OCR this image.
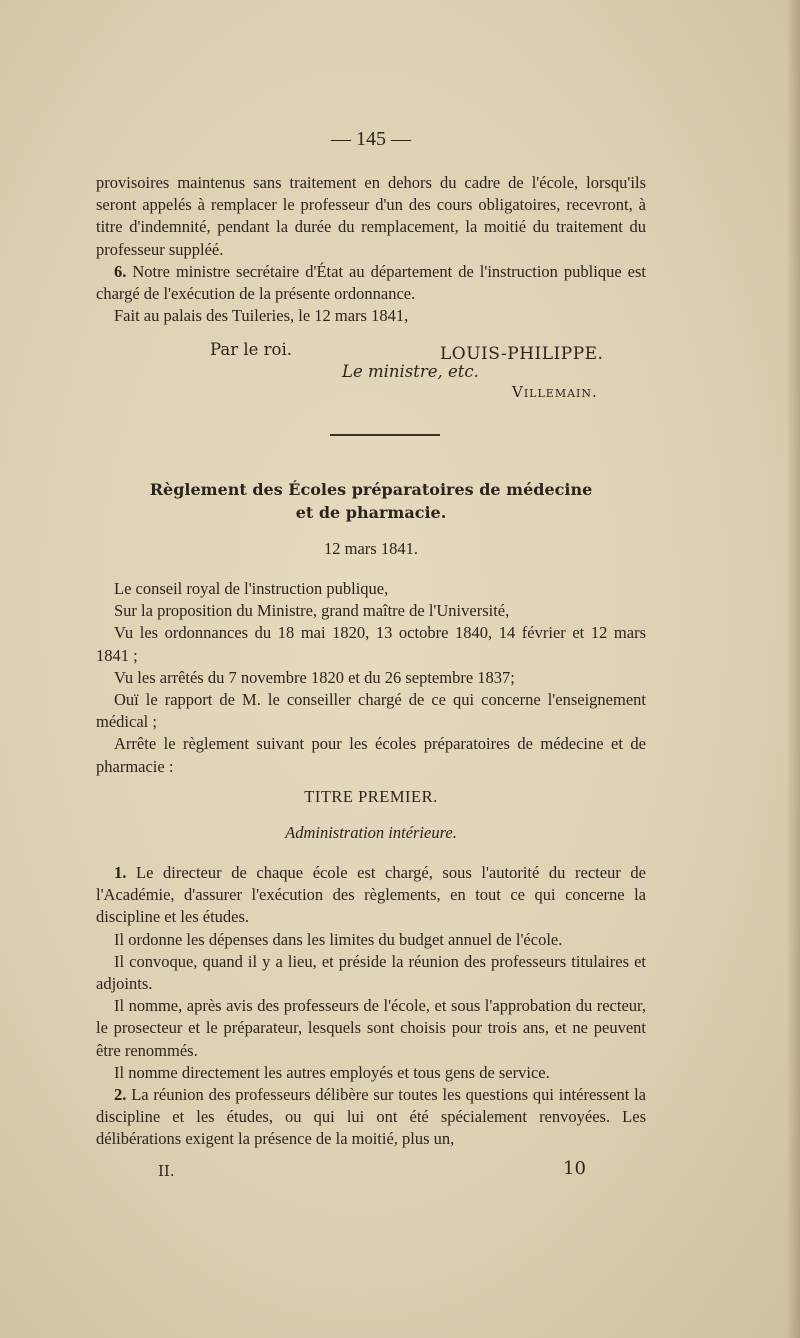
— 145 —

provisoires maintenus sans traitement en dehors du cadre de l'école, lorsqu'ils seront appelés à remplacer le professeur d'un des cours obligatoires, recevront, à titre d'indemnité, pendant la durée du remplacement, la moitié du traitement du professeur suppléé.

6. Notre ministre secrétaire d'État au département de l'instruction publique est chargé de l'exécution de la présente ordonnance.

Fait au palais des Tuileries, le 12 mars 1841,

LOUIS-PHILIPPE.
Par le roi.
Le ministre, etc.
Villemain.
Règlement des Écoles préparatoires de médecine
et de pharmacie.
12 mars 1841.

Le conseil royal de l'instruction publique,

Sur la proposition du Ministre, grand maître de l'Université,

Vu les ordonnances du 18 mai 1820, 13 octobre 1840, 14 février et 12 mars 1841 ;

Vu les arrêtés du 7 novembre 1820 et du 26 septembre 1837;

Ouï le rapport de M. le conseiller chargé de ce qui concerne l'enseignement médical ;

Arrête le règlement suivant pour les écoles préparatoires de médecine et de pharmacie :

TITRE PREMIER.
Administration intérieure.

1. Le directeur de chaque école est chargé, sous l'autorité du recteur de l'Académie, d'assurer l'exécution des règlements, en tout ce qui concerne la discipline et les études.

Il ordonne les dépenses dans les limites du budget annuel de l'école.

Il convoque, quand il y a lieu, et préside la réunion des professeurs titulaires et adjoints.

Il nomme, après avis des professeurs de l'école, et sous l'approbation du recteur, le prosecteur et le préparateur, lesquels sont choisis pour trois ans, et ne peuvent être renommés.

Il nomme directement les autres employés et tous gens de service.

2. La réunion des professeurs délibère sur toutes les questions qui intéressent la discipline et les études, ou qui lui ont été spécialement renvoyées. Les délibérations exigent la présence de la moitié, plus un,

II.	10
